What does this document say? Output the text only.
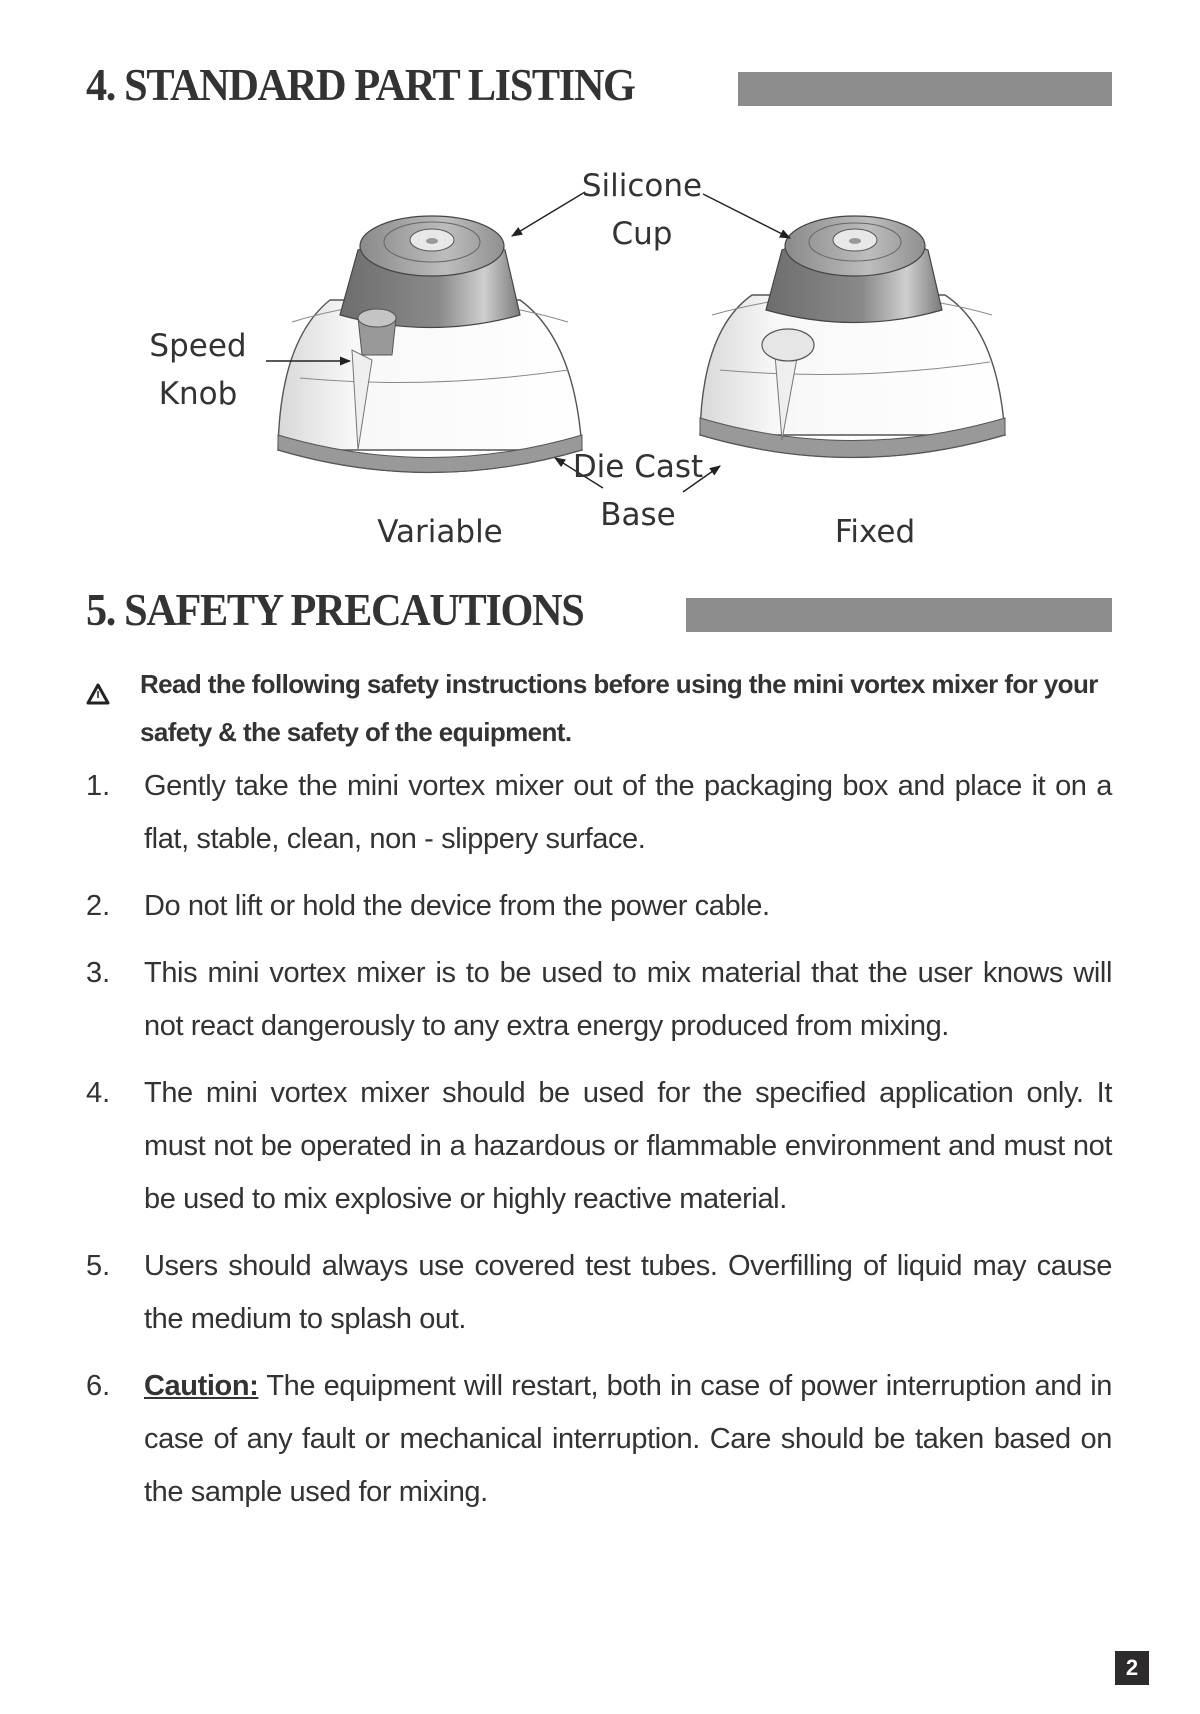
4. STANDARD PART LISTING
Silicone
Cup
Speed
Knob
Die Cast
Base
Variable	Fixed
5. SAFETY PRECAUTIONS
Read the following safety instructions before using the mini vortex mixer for your safety & the safety of the equipment.
1. Gently take the mini vortex mixer out of the packaging box and place it on a flat, stable, clean, non - slippery surface.
2. Do not lift or hold the device from the power cable.
3. This mini vortex mixer is to be used to mix material that the user knows will not react dangerously to any extra energy produced from mixing.
4. The mini vortex mixer should be used for the specified application only. It must not be operated in a hazardous or flammable environment and must not be used to mix explosive or highly reactive material.
5. Users should always use covered test tubes. Overfilling of liquid may cause the medium to splash out.
6. Caution: The equipment will restart, both in case of power interruption and in case of any fault or mechanical interruption. Care should be taken based on the sample used for mixing.
2
